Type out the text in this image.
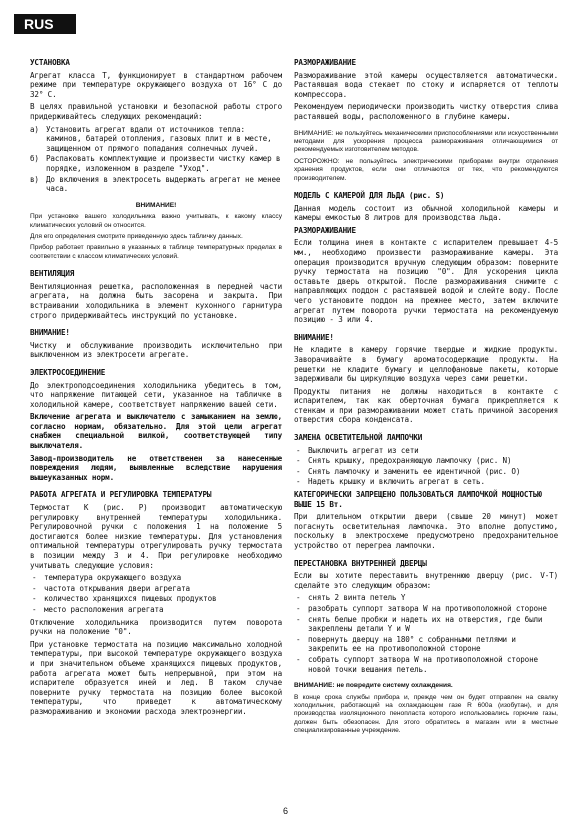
RUS
УСТАНОВКА

Агрегат класса Т, функционирует в стандартном рабочем режиме при температуре окружающего воздуха от 16° С до 32° С.

В целях правильной установки и безопасной работы строго придерживайтесь следующих рекомендаций:

а) Установить агрегат вдали от источников тепла: каминов, батарей отопления, газовых плит и в месте, защищенном от прямого попадания солнечных лучей.
б) Распаковать комплектующие и произвести чистку камер в порядке, изложенном в разделе "Уход".
в) До включения в электросеть выдержать агрегат не менее часа.
ВНИМАНИЕ!

При установке вашего холодильника важно учитывать, к какому классу климатических условий он относится.

Для его определения смотрите приведенную здесь табличку данных.

Прибор работает правильно в указанных в таблице температурных пределах в соответствии с классом климатических условий.

ВЕНТИЛЯЦИЯ

Вентиляционная решетка, расположенная в передней части агрегата, на должна быть засорена и закрыта. При встраивании холодильника в элемент кухонного гарнитура строго придерживайтесь инструкций по установке.

ВНИМАНИЕ!

Чистку и обслуживание производить исключительно при выключенном из электросети агрегате.

ЭЛЕКТРОСОЕДИНЕНИЕ

До электроподсоединения холодильника убедитесь в том, что напряжение питающей сети, указанное на табличке в холодильной камере, соответствует напряжению вашей сети.

Включение агрегата и выключателю с замыканием на землю, согласно нормам, обязательно. Для этой цели агрегат снабжен специальной вилкой, соответствующей типу выключателя.

Завод-производитель не ответственен за нанесенные повреждения людям, выявленные вследствие нарушения вышеуказанных норм.

РАБОТА АГРЕГАТА И РЕГУЛИРОВКА ТЕМПЕРАТУРЫ

Термостат К (рис. Р) производит автоматическую регулировку внутренней температуры холодильника. Регулировочной ручки с положения 1 на положение 5 достигаются более низкие температуры. Для установления оптимальной температуры отрегулировать ручку термостата в позиции между 3 и 4. При регулировке необходимо учитывать следующие условия:

- температура окружающего воздуха
- частота открывания двери агрегата
- количество хранящихся пищевых продуктов
- место расположения агрегата

Отключение холодильника производится путем поворота ручки на положение "0".

При установке термостата на позицию максимально холодной температуры, при высокой температуре окружающего воздуха и при значительном объеме хранящихся пищевых продуктов, работа агрегата может быть непрерывной, при этом на испарителе образуется иней и лед. В таком случае поверните ручку термостата на позицию более высокой температуры, что приведет к автоматическому размораживанию и экономии расхода электроэнергии.

РАЗМОРАЖИВАНИЕ

Размораживание этой камеры осуществляется автоматически. Растаявшая вода стекает по стоку и испаряется от теплоты компрессора.

Рекомендуем периодически производить чистку отверстия слива растаявшей воды, расположенного в глубине камеры.

ВНИМАНИЕ: не пользуйтесь механическими приспособлениями или искусственными методами для ускорения процесса размораживания отличающимися от рекомендуемых изготовителем методов.

ОСТОРОЖНО: не пользуйтесь электрическими приборами внутри отделения хранения продуктов, если они отличаются от тех, что рекомендуются производителем.

МОДЕЛЬ С КАМЕРОЙ ДЛЯ ЛЬДА (рис. S)

Данная модель состоит из обычной холодильной камеры и камеры емкостью 8 литров для производства льда.

РАЗМОРАЖИВАНИЕ

Если толщина инея в контакте с испарителем превышает 4-5 мм., необходимо произвести размораживание камеры. Эта операция производится вручную следующим образом: поверните ручку термостата на позицию "0". Для ускорения цикла оставьте дверь открытой. После размораживания снимите с направляющих поддон с растаявшей водой и слейте воду. После чего установите поддон на прежнее место, затем включите агрегат путем поворота ручки термостата на рекомендуемую позицию - 3 или 4.

ВНИМАНИЕ!

Не кладите в камеру горячие твердые и жидкие продукты. Заворачивайте в бумагу ароматосодержащие продукты. На решетки не кладите бумагу и целлофановые пакеты, которые задерживали бы циркуляцию воздуха через сами решетки.

Продукты питания не должны находиться в контакте с испарителем, так как оберточная бумага прикрепляется к стенкам и при размораживании может стать причиной засорения отверстия сбора конденсата.

ЗАМЕНА ОСВЕТИТЕЛЬНОЙ ЛАМПОЧКИ
- Выключить агрегат из сети
- Снять крышку, предохраняющую лампочку (рис. N)
- Снять лампочку и заменить ее идентичной (рис. O)
- Надеть крышку и включить агрегат в сеть.
КАТЕГОРИЧЕСКИ ЗАПРЕЩЕНО ПОЛЬЗОВАТЬСЯ ЛАМПОЧКОЙ МОЩНОСТЬЮ ВЫШЕ 15 Вт.

При длительном открытии двери (свыше 20 минут) может погаснуть осветительная лампочка. Это вполне допустимо, поскольку в электросхеме предусмотрено предохранительное устройство от перегреа лампочки.

ПЕРЕСТАНОВКА ВНУТРЕННЕЙ ДВЕРЦЫ

Если вы хотите переставить внутреннюю дверцу (рис. V-T) сделайте это следующим образом:

- снять 2 винта петель Y
- разобрать суппорт затвора W на противоположной стороне
- снять белые пробки и надеть их на отверстия, где были закреплены детали Y и W
- повернуть дверцу на 180° с собранными петлями и закрепить ее на противоположной стороне
- собрать суппорт затвора W на противоположной стороне новой точки вешания петель.

ВНИМАНИЕ: не повредите систему охлаждения.

В конце срока службы прибора и, прежде чем он будет отправлен на свалку холодильник, работающий на охлаждающем газе R 600a (изобутан), и для производства изоляционного пенопласта которого использовались горючие газы, должен быть обезопасен. Для этого обратитесь в магазин или в местные специализированные учреждение.

6
